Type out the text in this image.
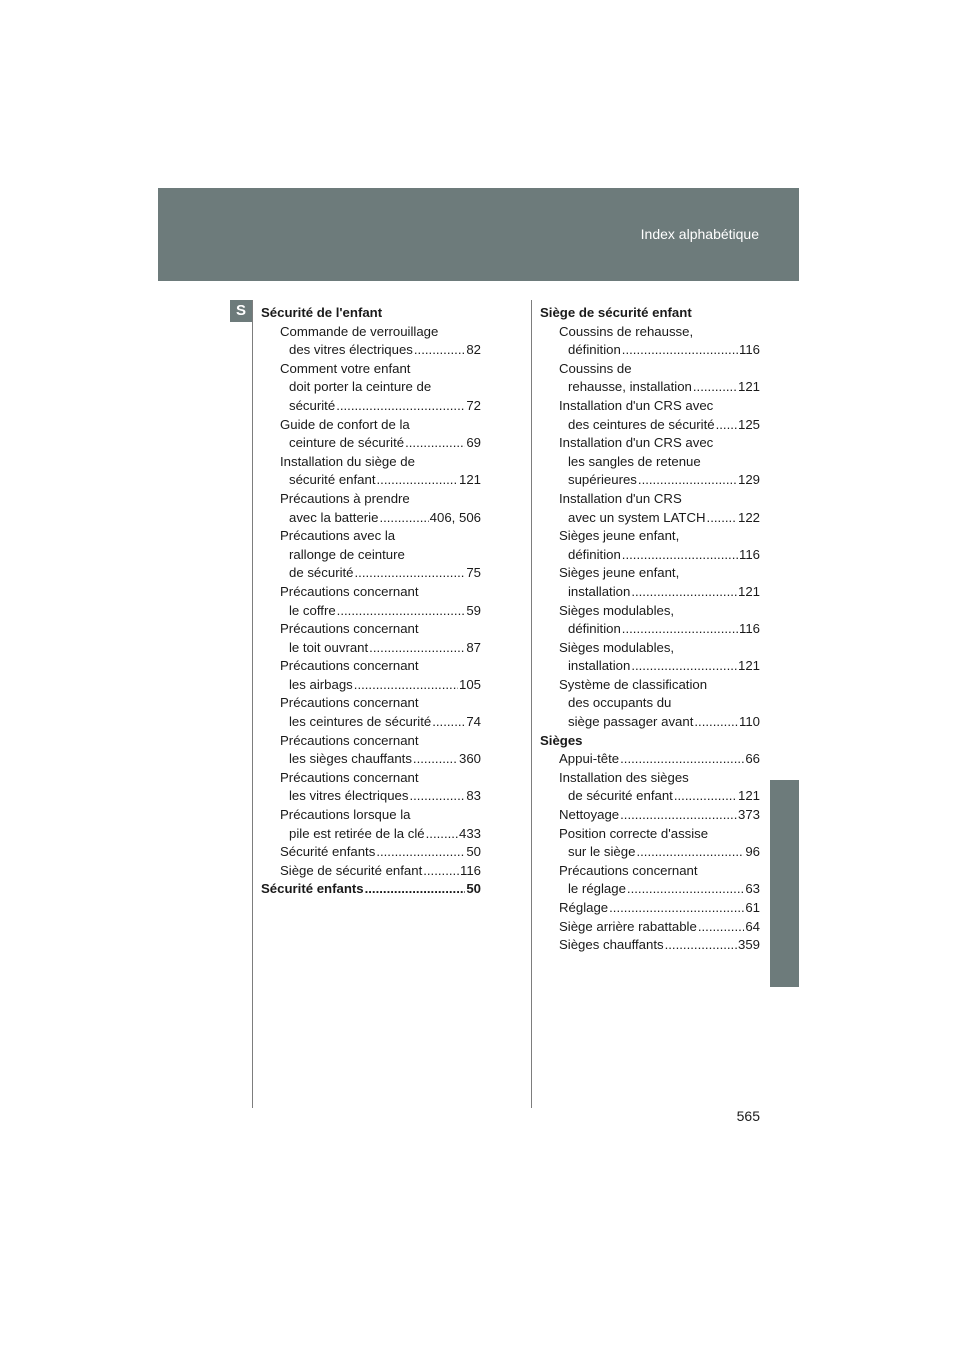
Index alphabétique
S	Sécurité de l'enfant
Commande de verrouillage
des vitres électriques .....	82
Comment votre enfant
doit porter la ceinture de
sécurité .....	72
Guide de confort de la
ceinture de sécurité .....	69
Installation du siège de
sécurité enfant .....	121
Précautions à prendre
avec la batterie .....	406, 506
Précautions avec la
rallonge de ceinture
de sécurité .....	75
Précautions concernant
le coffre .....	59
Précautions concernant
le toit ouvrant .....	87
Précautions concernant
les airbags .....	105
Précautions concernant
les ceintures de sécurité .....	74
Précautions concernant
les sièges chauffants .....	360
Précautions concernant
les vitres électriques .....	83
Précautions lorsque la
pile est retirée de la clé .....	433
Sécurité enfants .....	50
Siège de sécurité enfant .....	116
Sécurité enfants .....	50
Siège de sécurité enfant
Coussins de rehausse,
définition .....	116
Coussins de
rehausse, installation .....	121
Installation d'un CRS avec
des ceintures de sécurité ..... 125
Installation d'un CRS avec
les sangles de retenue
supérieures .....	129
Installation d'un CRS
avec un system LATCH ..... 122
Sièges jeune enfant,
définition .....	116
Sièges jeune enfant,
installation .....	121
Sièges modulables,
définition .....	116
Sièges modulables,
installation .....	121
Système de classification
des occupants du
siège passager avant .....	110
Sièges
Appui-tête .....	66
Installation des sièges
de sécurité enfant .....	121
Nettoyage .....	373
Position correcte d'assise
sur le siège .....	96
Précautions concernant
le réglage .....	63
Réglage .....	61
Siège arrière rabattable .....	64
Sièges chauffants .....	359
565
